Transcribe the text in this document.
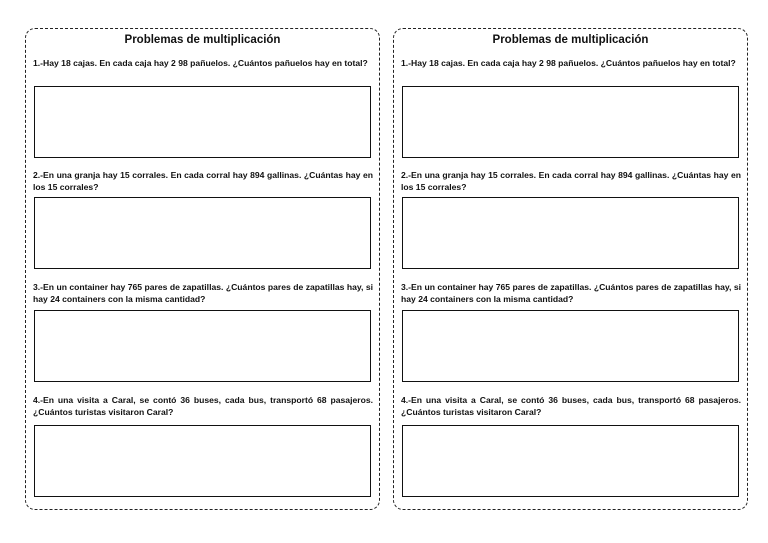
Problemas de multiplicación
1.-Hay 18 cajas. En cada caja hay 2 98 pañuelos. ¿Cuántos pañuelos hay en total?
2.-En una granja hay 15 corrales. En cada corral hay 894 gallinas. ¿Cuántas hay en los 15 corrales?
3.-En un container hay 765 pares de zapatillas. ¿Cuántos pares de zapatillas hay, si hay 24 containers con la misma cantidad?
4.-En una visita a Caral, se contó 36 buses, cada bus, transportó 68 pasajeros. ¿Cuántos turistas visitaron Caral?
Problemas de multiplicación
1.-Hay 18 cajas. En cada caja hay 2 98 pañuelos. ¿Cuántos pañuelos hay en total?
2.-En una granja hay 15 corrales. En cada corral hay 894 gallinas. ¿Cuántas hay en los 15 corrales?
3.-En un container hay 765 pares de zapatillas. ¿Cuántos pares de zapatillas hay, si hay 24 containers con la misma cantidad?
4.-En una visita a Caral, se contó 36 buses, cada bus, transportó 68 pasajeros. ¿Cuántos turistas visitaron Caral?
